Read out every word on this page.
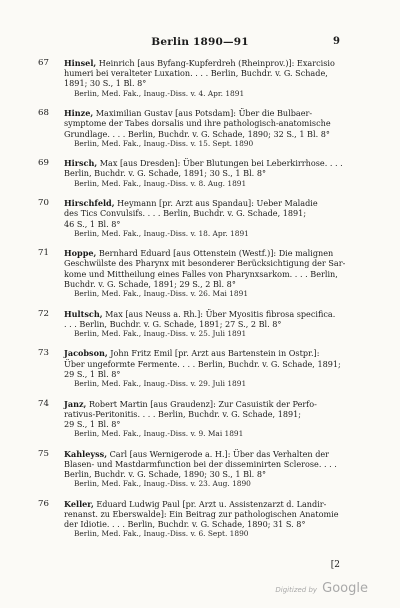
Berlin 1890—91	9
67 Hinsel, Heinrich [aus Byfang-Kupferdreh (Rheinprov.)]: Exarcisio
humeri bei veralteter Luxation. . . . Berlin, Buchdr. v. G. Schade,
1891; 30 S., 1 Bl. 8°
Berlin, Med. Fak., Inaug.-Diss. v. 4. Apr. 1891
68 Hinze, Maximilian Gustav [aus Potsdam]: Über die Bulbaer-
symptome der Tabes dorsalis und ihre pathologisch-anatomische
Grundlage. . . . Berlin, Buchdr. v. G. Schade, 1890; 32 S., 1 Bl. 8°
Berlin, Med. Fak., Inaug.-Diss. v. 15. Sept. 1890
69 Hirsch, Max [aus Dresden]: Über Blutungen bei Leberkirrhose. . . .
Berlin, Buchdr. v. G. Schade, 1891; 30 S., 1 Bl. 8°
Berlin, Med. Fak., Inaug.-Diss. v. 8. Aug. 1891
70 Hirschfeld, Heymann [pr. Arzt aus Spandau]: Ueber Maladie
des Tics Convulsifs. . . . Berlin, Buchdr. v. G. Schade, 1891;
46 S., 1 Bl. 8°
Berlin, Med. Fak., Inaug.-Diss. v. 18. Apr. 1891
71 Hoppe, Bernhard Eduard [aus Ottenstein (Westf.)]: Die malignen
Geschwülste des Pharynx mit besonderer Berücksichtigung der Sar-
kome und Mittheilung eines Falles von Pharynxsarkom. . . . Berlin,
Buchdr. v. G. Schade, 1891; 29 S., 2 Bl. 8°
Berlin, Med. Fak., Inaug.-Diss. v. 26. Mai 1891
72 Hultsch, Max [aus Neuss a. Rh.]: Über Myositis fibrosa specifica.
. . . Berlin, Buchdr. v. G. Schade, 1891; 27 S., 2 Bl. 8°
Berlin, Med. Fak., Inaug.-Diss. v. 25. Juli 1891
73 Jacobson, John Fritz Emil [pr. Arzt aus Bartenstein in Ostpr.]:
Über ungeformte Fermente. . . . Berlin, Buchdr. v. G. Schade, 1891;
29 S., 1 Bl. 8°
Berlin, Med. Fak., Inaug.-Diss. v. 29. Juli 1891
74 Janz, Robert Martin [aus Graudenz]: Zur Casuistik der Perfo-
rativus-Peritonitis. . . . Berlin, Buchdr. v. G. Schade, 1891;
29 S., 1 Bl. 8°
Berlin, Med. Fak., Inaug.-Diss. v. 9. Mai 1891
75 Kahleyss, Carl [aus Wernigerode a. H.]: Über das Verhalten der
Blasen- und Mastdarmfunction bei der disseminirten Sclerose. . . .
Berlin, Buchdr. v. G. Schade, 1890; 30 S., 1 Bl. 8°
Berlin, Med. Fak., Inaug.-Diss. v. 23. Aug. 1890
76 Keller, Eduard Ludwig Paul [pr. Arzt u. Assistenzarzt d. Landir-
renanst. zu Eberswalde]: Ein Beitrag zur pathologischen Anatomie
der Idiotie. . . . Berlin, Buchdr. v. G. Schade, 1890; 31 S. 8°
Berlin, Med. Fak., Inaug.-Diss. v. 6. Sept. 1890
[2
Digitized by Google
